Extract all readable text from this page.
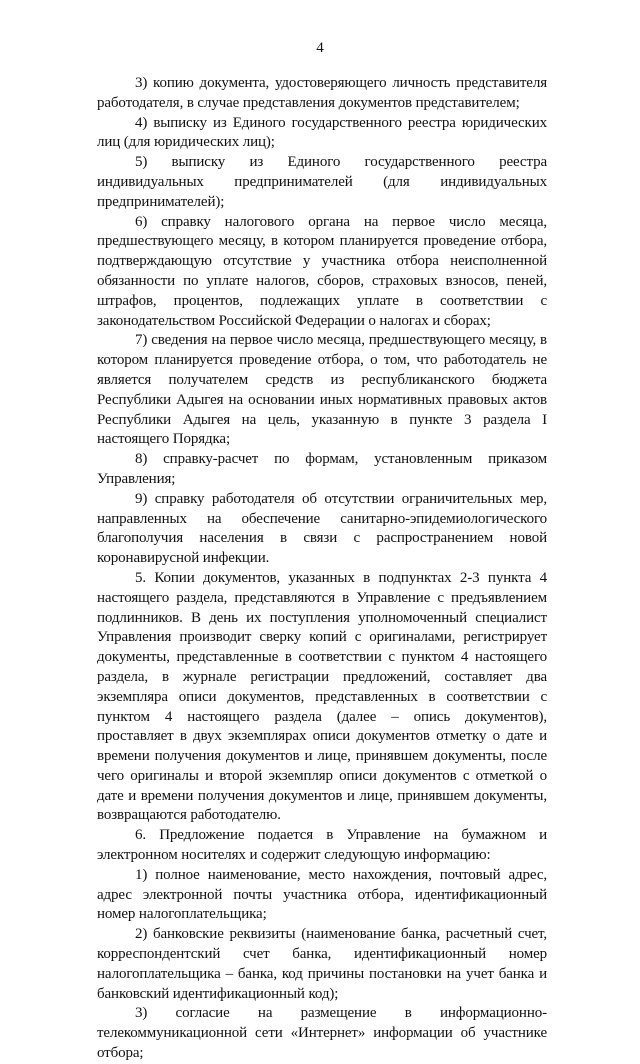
4

3) копию документа, удостоверяющего личность представителя работодателя, в случае представления документов представителем;

4) выписку из Единого государственного реестра юридических лиц (для юридических лиц);

5) выписку из Единого государственного реестра индивидуальных предпринимателей (для индивидуальных предпринимателей);

6) справку налогового органа на первое число месяца, предшествующего месяцу, в котором планируется проведение отбора, подтверждающую отсутствие у участника отбора неисполненной обязанности по уплате налогов, сборов, страховых взносов, пеней, штрафов, процентов, подлежащих уплате в соответствии с законодательством Российской Федерации о налогах и сборах;

7) сведения на первое число месяца, предшествующего месяцу, в котором планируется проведение отбора, о том, что работодатель не является получателем средств из республиканского бюджета Республики Адыгея на основании иных нормативных правовых актов Республики Адыгея на цель, указанную в пункте 3 раздела I настоящего Порядка;

8) справку-расчет по формам, установленным приказом Управления;

9) справку работодателя об отсутствии ограничительных мер, направленных на обеспечение санитарно-эпидемиологического благополучия населения в связи с распространением новой коронавирусной инфекции.

5. Копии документов, указанных в подпунктах 2-3 пункта 4 настоящего раздела, представляются в Управление с предъявлением подлинников. В день их поступления уполномоченный специалист Управления производит сверку копий с оригиналами, регистрирует документы, представленные в соответствии с пунктом 4 настоящего раздела, в журнале регистрации предложений, составляет два экземпляра описи документов, представленных в соответствии с пунктом 4 настоящего раздела (далее – опись документов), проставляет в двух экземплярах описи документов отметку о дате и времени получения документов и лице, принявшем документы, после чего оригиналы и второй экземпляр описи документов с отметкой о дате и времени получения документов и лице, принявшем документы, возвращаются работодателю.

6. Предложение подается в Управление на бумажном и электронном носителях и содержит следующую информацию:

1) полное наименование, место нахождения, почтовый адрес, адрес электронной почты участника отбора, идентификационный номер налогоплательщика;

2) банковские реквизиты (наименование банка, расчетный счет, корреспондентский счет банка, идентификационный номер налогоплательщика – банка, код причины постановки на учет банка и банковский идентификационный код);

3) согласие на размещение в информационно-телекоммуникационной сети «Интернет» информации об участнике отбора;
